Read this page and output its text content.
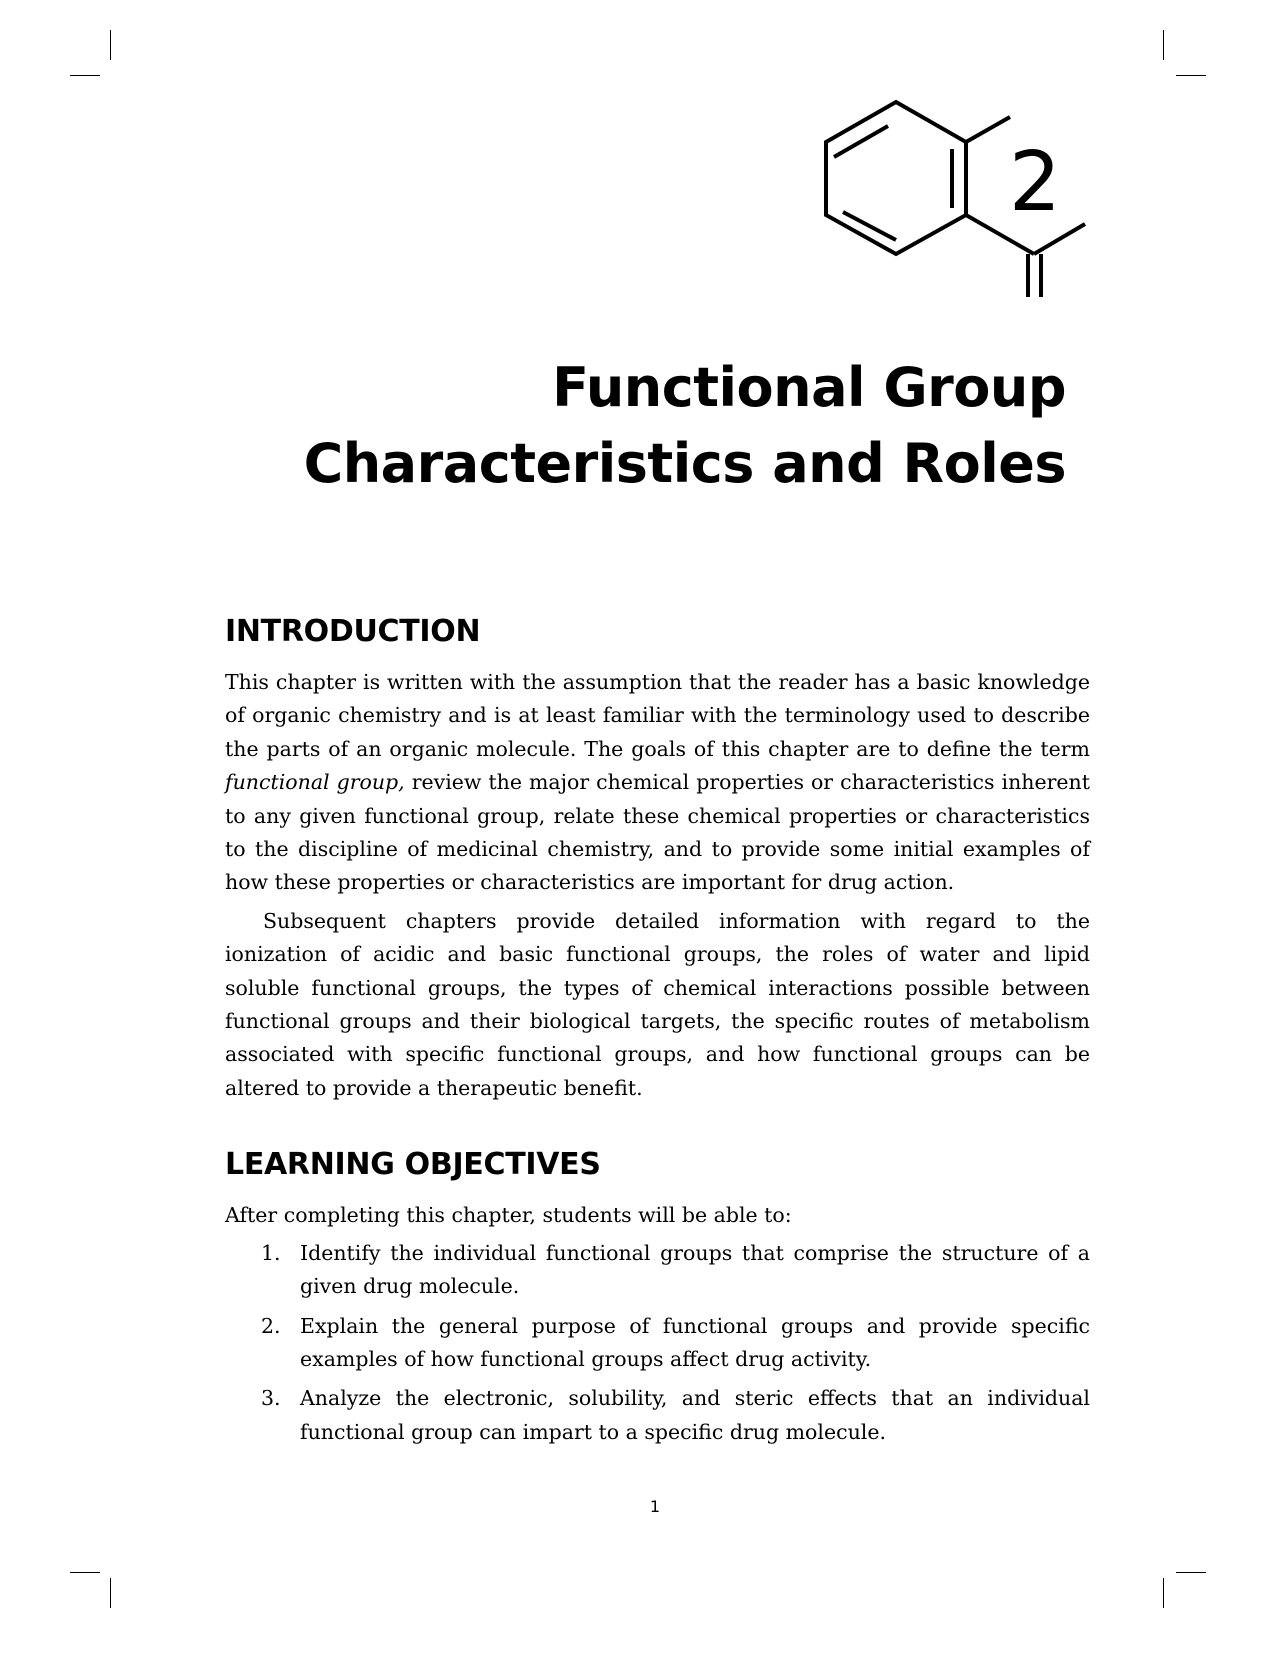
2
Functional Group
Characteristics and Roles
INTRODUCTION

This chapter is written with the assumption that the reader has a basic knowledge of organic chemistry and is at least familiar with the terminology used to describe the parts of an organic molecule. The goals of this chapter are to define the term functional group, review the major chemical properties or characteristics inherent to any given functional group, relate these chemical properties or characteristics to the discipline of medicinal chemistry, and to provide some initial examples of how these properties or characteristics are important for drug action.

Subsequent chapters provide detailed information with regard to the ionization of acidic and basic functional groups, the roles of water and lipid soluble functional groups, the types of chemical interactions possible between functional groups and their biological targets, the specific routes of metabolism associated with specific functional groups, and how functional groups can be altered to provide a therapeutic benefit.

LEARNING OBJECTIVES

After completing this chapter, students will be able to:

1. Identify the individual functional groups that comprise the structure of a given drug molecule.
2. Explain the general purpose of functional groups and provide specific examples of how functional groups affect drug activity.
3. Analyze the electronic, solubility, and steric effects that an individual functional group can impart to a specific drug molecule.
1
